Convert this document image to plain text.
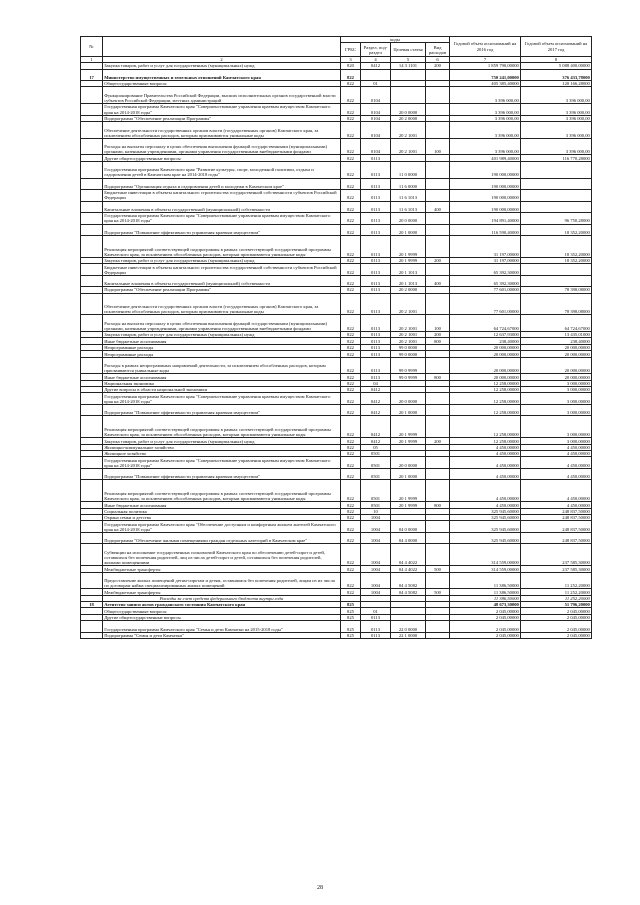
№		коды				Годовой объем ассигнований на 2016 год	Годовой объем ассигнований на 2017 год
		ГРБС	Раздел, под-раздел	Целевая статья	Вид расходов		
1	2	3	4	5	6	7	8
	Закупка товаров, работ и услуг для государственных (муниципальных) нужд	820	0412	14 3 1101	200	1 859 790,00000	5 088 400,00000
17	Министерство имущественных и земельных отношений Камчатского края	822				750 241,00000	376 433,78000
	Общегосударственные вопросы	822	01			405 385,40000	120 166,28000
	Функционирование Правительства Российской Федерации, высших исполнительных органов государственной власти субъектов Российской Федерации, местных администраций	822	0104			3 396 000,00	3 396 000,00
	Государственная программа Камчатского края "Совершенствование управления краевым имуществом Камчатского края на 2014-2018 годы"	822	0104	20 0 0000		3 396 000,00	3 396 000,00
	Подпрограмма "Обеспечение реализации Программы"	822	0104	20 2 0000		3 396 000,00	3 396 000,00
	Обеспечение деятельности государственных органов власти (государственных органов) Камчатского края, за исключением обособленных расходов, которым присваиваются уникальные коды	822	0104	20 2 1001		3 396 000,00	3 396 000,00
	Расходы на выплаты персоналу в целях обеспечения выполнения функций государственными (муниципальными) органами, казенными учреждениями, органами управления государственными внебюджетными фондами	822	0104	20 2 1001	100	3 396 000,00	3 396 000,00
	Другие общегосударственные вопросы	822	0113			401 989,40000	116 770,28000
	Государственная программа Камчатского края "Развитие культуры, спорт, молодежной политики, отдыха и оздоровления детей в Камчатском крае на 2014-2018 годы"	822	0113	11 0 0000		190 000,00000	
	Подпрограмма "Организация отдыха и оздоровления детей и молодежи в Камчатском крае"	822	0113	11 6 0000		190 000,00000	
	Бюджетные инвестиции в объекты капитального строительства государственной собственности субъектов Российской Федерации	822	0113	11 6 1013		190 000,00000	
	Капитальные вложения в объекты государственной (муниципальной) собственности	822	0113	11 6 1013	400	190 000,00000	
	Государственная программа Камчатского края "Совершенствование управления краевым имуществом Камчатского края на 2014-2018 годы"	822	0113	20 0 0000		194 891,40000	96 750,28000
	Подпрограмма "Повышение эффективности управления краевым имуществом"	822	0113	20 1 0000		116 590,40000	18 352,20000
	Реализация мероприятий соответствующей подпрограммы в рамках соответствующей государственной программы Камчатского края, за исключением обособленных расходов, которым присваиваются уникальные коды	822	0113	20 1 9999		31 197,00000	18 352,20000
	Закупка товаров, работ и услуг для государственных (муниципальных) нужд	822	0113	20 1 9999	200	31 197,00000	18 352,20000
	Бюджетные инвестиции в объекты капитального строительства государственной собственности субъектов Российской Федерации	822	0113	20 1 1013		65 392,30000	
	Капитальные вложения в объекты государственной (муниципальной) собственности	822	0113	20 1 1013	400	65 392,30000	
	Подпрограмма "Обеспечение реализации Программы"	822	0113	20 2 0000		77 601,00000	78 398,08000
	Обеспечение деятельности государственных органов власти (государственных органов) Камчатского края, за исключением обособленных расходов, которым присваиваются уникальные коды	822	0113	20 2 1001		77 601,00000	78 398,08000
	Расходы на выплаты персоналу в целях обеспечения выполнения функций государственными (муниципальными) органами, казенными учреждениями, органами управления государственными внебюджетными фондами	822	0113	20 2 1001	100	64 724,67000	64 724,67000
	Закупка товаров, работ и услуг для государственных (муниципальных) нужд	822	0113	20 2 1001	200	12 637,93000	13 435,01000
	Иные бюджетные ассигнования	822	0113	20 2 1001	800	238,40000	238,40000
	Непрограммные расходы	822	0113	99 0 0000		20 000,00000	20 000,00000
	Непрограммные расходы	822	0113	99 0 0000		20 000,00000	20 000,00000
	Расходы в рамках непрограммных направлений деятельности, за исключением обособленных расходов, которым присваиваются уникальные коды	822	0113	99 0 9999		20 000,00000	20 000,00000
	Иные бюджетные ассигнования	822	0113	99 0 9999	800	20 000,00000	20 000,00000
	Национальная экономика	822	04			12 258,00000	3 000,00000
	Другие вопросы в области национальной экономики	822	0412			12 258,00000	3 000,00000
	Государственная программа Камчатского края "Совершенствование управления краевым имуществом Камчатского края на 2014-2018 годы"	822	0412	20 0 0000		12 258,00000	3 000,00000
	Подпрограмма "Повышение эффективности управления краевым имуществом"	822	0412	20 1 0000		12 258,00000	3 000,00000
	Реализация мероприятий соответствующей подпрограммы в рамках соответствующей государственной программы Камчатского края, за исключением обособленных расходов, которым присваиваются уникальные коды	822	0412	20 1 9999		12 258,00000	3 000,00000
	Закупка товаров, работ и услуг для государственных (муниципальных) нужд	822	0412	20 1 9999	200	12 258,00000	3 000,00000
	Жилищно-коммунальное хозяйство	822	05			4 450,00000	4 450,00000
	Жилищное хозяйство	822	0501			4 450,00000	4 450,00000
	Государственная программа Камчатского края "Совершенствование управления краевым имуществом Камчатского края на 2014-2018 годы"	822	0501	20 0 0000		4 450,00000	4 450,00000
	Подпрограмма "Повышение эффективности управления краевым имуществом"	822	0501	20 1 0000		4 450,00000	4 450,00000
	Реализация мероприятий соответствующей подпрограммы в рамках соответствующей государственной программы Камчатского края, за исключением обособленных расходов, которым присваиваются уникальные коды	822	0501	20 1 9999		4 450,00000	4 450,00000
	Иные бюджетные ассигнования	822	0501	20 1 9999	800	4 450,00000	4 450,00000
	Социальная политика	822	10			325 945,60000	248 837,50000
	Охрана семьи и детства	822	1004			325 945,60000	248 837,50000
	Государственная программа Камчатского края "Обеспечение доступным и комфортным жильем жителей Камчатского края на 2014-2018 годы"	822	1004	04 0 0000		325 945,60000	248 837,50000
	Подпрограмма "Обеспечение жилыми помещениями граждан отдельных категорий в Камчатском крае"	822	1004	04 4 0000		325 945,60000	248 837,50000
	Субвенции на исполнение государственных полномочий Камчатского края по обеспечению детей-сирот и детей, оставшихся без попечения родителей, лиц из числа детей-сирот и детей, оставшихся без попечения родителей, жилыми помещениями	822	1004	04 4 4022		314 559,00000	237 585,30000
	Межбюджетные трансферты	822	1004	04 4 4022	500	314 559,00000	237 585,30000
	Предоставление жилых помещений детям-сиротам и детям, оставшимся без попечения родителей, лицам из их числа по договорам найма специализированных жилых помещений	822	1004	04 4 5082		11 386,50000	11 252,20000
	Межбюджетные трансферты	822	1004	04 4 5082	500	11 386,50000	11 252,20000
	Расходы за счет средств федерального бюджета внутри года					11 386,50000	11 252,20000
18	Агентство записи актов гражданского состояния Камчатского края	825				48 673,30000	51 796,20000
	Общегосударственные вопросы	825	01			2 045,00000	2 045,00000
	Другие общегосударственные вопросы	825	0113			2 045,00000	2 045,00000
	Государственная программа Камчатского края "Семья и дети Камчатки на 2015-2018 годы"	825	0113	22 0 0000		2 045,00000	2 045,00000
	Подпрограмма "Семья и дети Камчатки"	825	0113	22 1 0000		2 045,00000	2 045,00000
28
